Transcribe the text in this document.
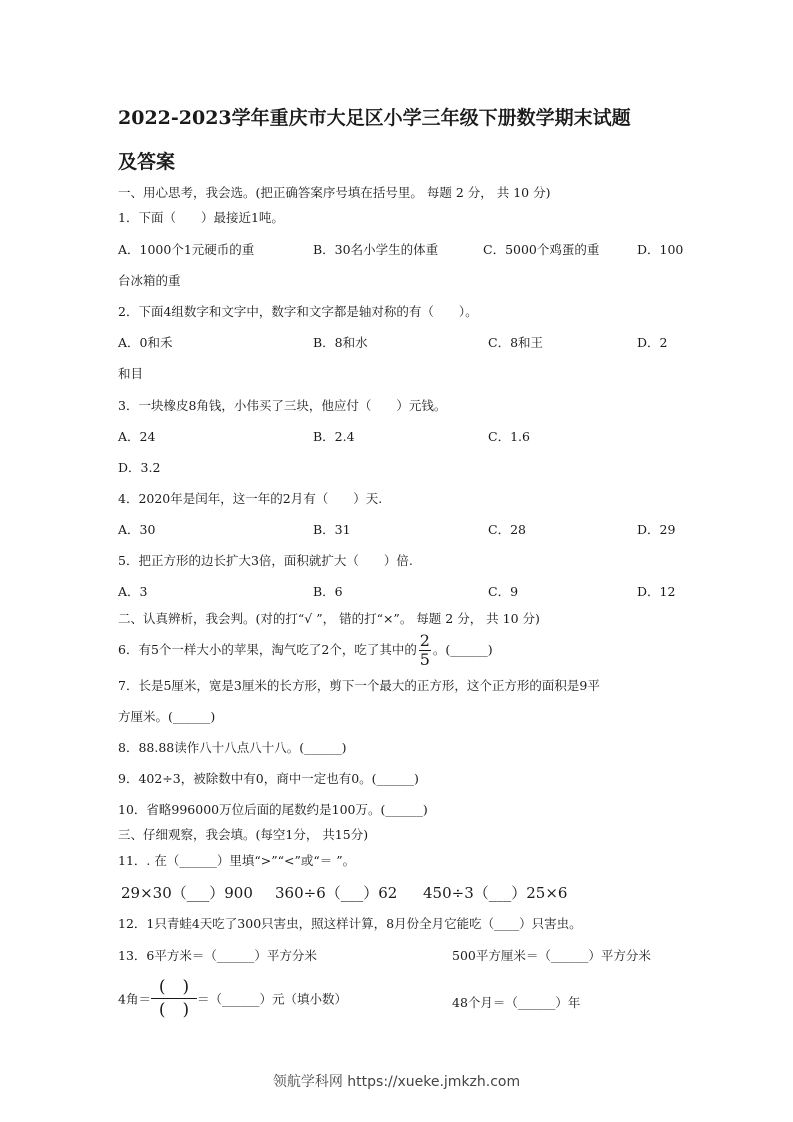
2022-2023学年重庆市大足区小学三年级下册数学期末试题
及答案
一、用心思考，我会选。(把正确答案序号填在括号里。 每题 2 分， 共 10 分)
1．下面（　　）最接近1吨。
A．1000个1元硬币的重	B．30名小学生的体重	C．5000个鸡蛋的重	D．100
台冰箱的重
2．下面4组数字和文字中，数字和文字都是轴对称的有（　　）。
A．0和禾	B．8和水	C．8和王	D．2
和目
3．一块橡皮8角钱，小伟买了三块，他应付（　　）元钱。
A．24	B．2.4	C．1.6
D．3.2
4．2020年是闰年，这一年的2月有（　　）天.
A．30	B．31	C．28	D．29
5．把正方形的边长扩大3倍，面积就扩大（　　）倍.
A．3	B．6	C．9	D．12
二、认真辨析，我会判。(对的打“√ ”， 错的打“×”。 每题 2 分， 共 10 分)
6．有5个一样大小的苹果，淘气吃了2个，吃了其中的 $\frac{2}{5}$ 。(______)
7．长是5厘米，宽是3厘米的长方形，剪下一个最大的正方形，这个正方形的面积是9平
方厘米。(______)
8．88.88读作八十八点八十八。(______)
9．402÷3，被除数中有0，商中一定也有0。(______)
10．省略996000万位后面的尾数约是100万。(______)
三、仔细观察，我会填。(每空1分， 共15分)
11．. 在（______）里填“>”“<”或“＝ ”。
29×30（___）900 360÷6（___）62 450÷3（___）25×6
12．1只青蛙4天吃了300只害虫，照这样计算，8月份全月它能吃（____）只害虫。
13．6平方米＝（______）平方分米	500平方厘米＝（______）平方分米
4角＝
(　)
(　)
＝（______）元（填小数）	48个月＝（______）年
领航学科网 https://xueke.jmkzh.com
